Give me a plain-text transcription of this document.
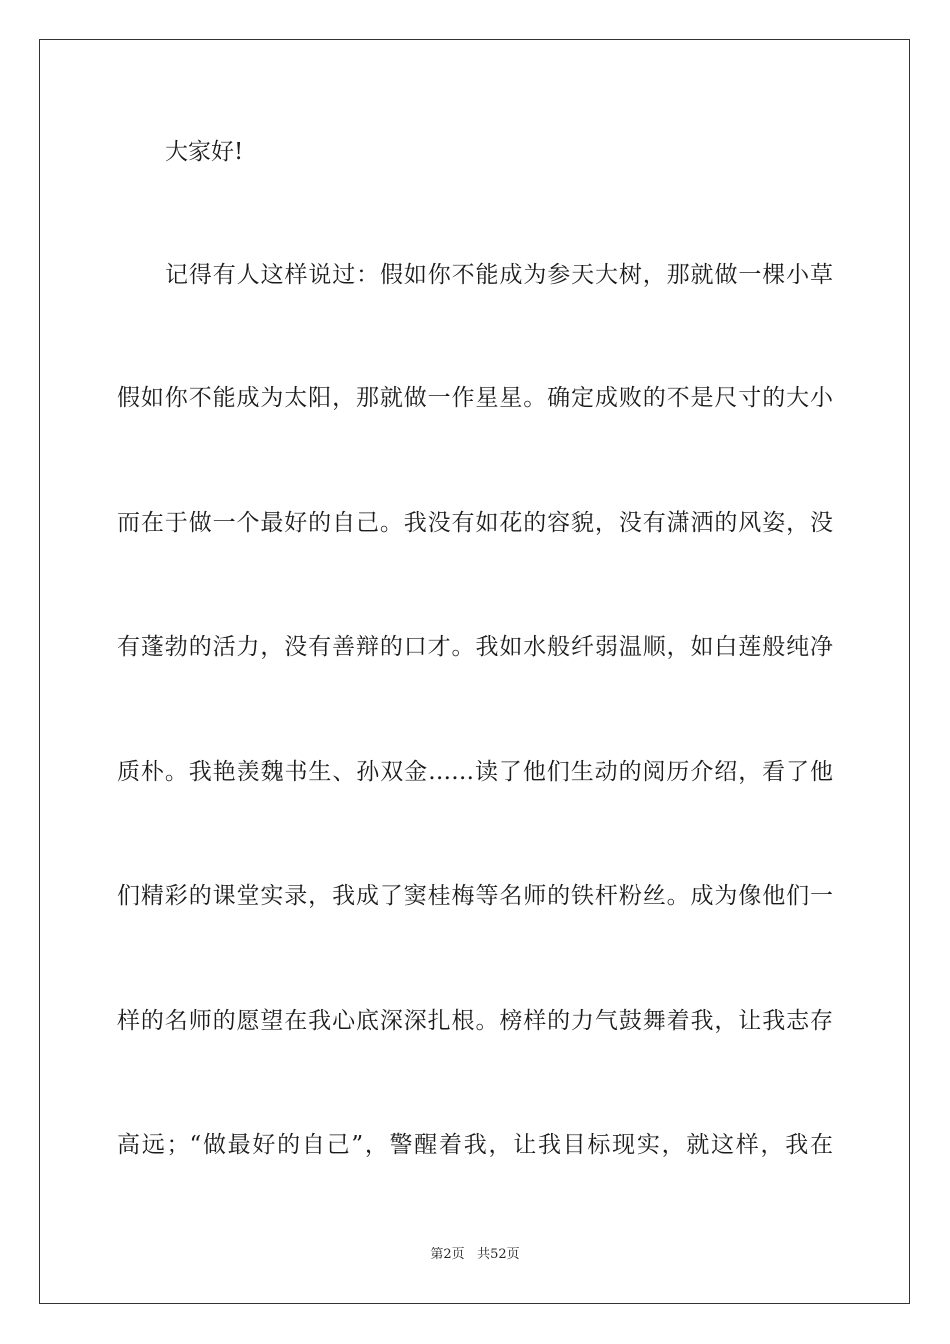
大家好!
记得有人这样说过：假如你不能成为参天大树，那就做一棵小草
假如你不能成为太阳，那就做一作星星。确定成败的不是尺寸的大小
而在于做一个最好的自己。我没有如花的容貌，没有潇洒的风姿，没
有蓬勃的活力，没有善辩的口才。我如水般纤弱温顺，如白莲般纯净
质朴。我艳羡魏书生、孙双金……读了他们生动的阅历介绍，看了他
们精彩的课堂实录，我成了窦桂梅等名师的铁杆粉丝。成为像他们一
样的名师的愿望在我心底深深扎根。榜样的力气鼓舞着我，让我志存
高远；“做最好的自己”，警醒着我，让我目标现实，就这样，我在
第2页 共52页
